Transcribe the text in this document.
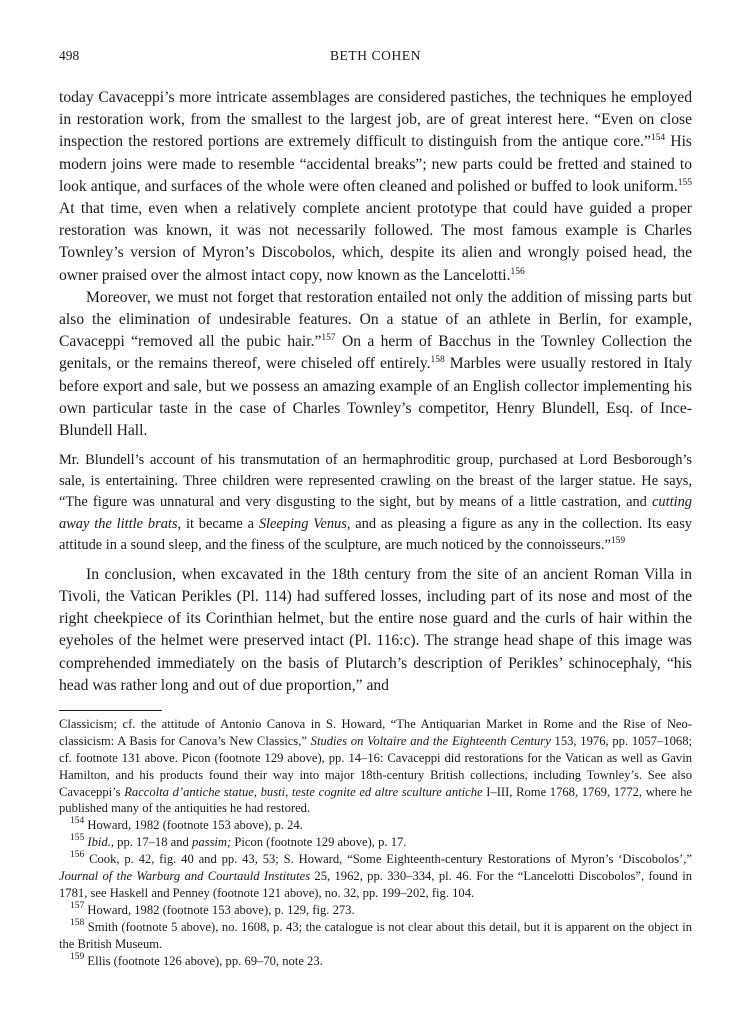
498	BETH COHEN

today Cavaceppi’s more intricate assemblages are considered pastiches, the techniques he employed in restoration work, from the smallest to the largest job, are of great interest here. “Even on close inspection the restored portions are extremely difficult to distinguish from the antique core.”$^{154}$ His modern joins were made to resemble “accidental breaks”; new parts could be fretted and stained to look antique, and surfaces of the whole were often cleaned and polished or buffed to look uniform.$^{155}$ At that time, even when a relatively complete ancient prototype that could have guided a proper restoration was known, it was not necessarily followed. The most famous example is Charles Townley’s version of Myron’s Discobolos, which, despite its alien and wrongly poised head, the owner praised over the almost intact copy, now known as the Lancelotti.$^{156}$

Moreover, we must not forget that restoration entailed not only the addition of missing parts but also the elimination of undesirable features. On a statue of an athlete in Berlin, for example, Cavaceppi “removed all the pubic hair.”$^{157}$ On a herm of Bacchus in the Townley Collection the genitals, or the remains thereof, were chiseled off entirely.$^{158}$ Marbles were usually restored in Italy before export and sale, but we possess an amazing example of an English collector implementing his own particular taste in the case of Charles Townley’s competitor, Henry Blundell, Esq. of Ince-Blundell Hall.

Mr. Blundell’s account of his transmutation of an hermaphroditic group, purchased at Lord Besborough’s sale, is entertaining. Three children were represented crawling on the breast of the larger statue. He says, “The figure was unnatural and very disgusting to the sight, but by means of a little castration, and cutting away the little brats, it became a Sleeping Venus, and as pleasing a figure as any in the collection. Its easy attitude in a sound sleep, and the finess of the sculpture, are much noticed by the connoisseurs.”$^{159}$

In conclusion, when excavated in the 18th century from the site of an ancient Roman Villa in Tivoli, the Vatican Perikles (Pl. 114) had suffered losses, including part of its nose and most of the right cheekpiece of its Corinthian helmet, but the entire nose guard and the curls of hair within the eyeholes of the helmet were preserved intact (Pl. 116:c). The strange head shape of this image was comprehended immediately on the basis of Plutarch’s description of Perikles’ schinocephaly, “his head was rather long and out of due proportion,” and

Classicism; cf. the attitude of Antonio Canova in S. Howard, “The Antiquarian Market in Rome and the Rise of Neo-classicism: A Basis for Canova’s New Classics,” Studies on Voltaire and the Eighteenth Century 153, 1976, pp. 1057–1068; cf. footnote 131 above. Picon (footnote 129 above), pp. 14–16: Cavaceppi did restorations for the Vatican as well as Gavin Hamilton, and his products found their way into major 18th-century British collections, including Townley’s. See also Cavaceppi’s Raccolta d’antiche statue, busti, teste cognite ed altre sculture antiche I–III, Rome 1768, 1769, 1772, where he published many of the antiquities he had restored.

$^{154}$ Howard, 1982 (footnote 153 above), p. 24.

$^{155}$ Ibid., pp. 17–18 and passim; Picon (footnote 129 above), p. 17.

$^{156}$ Cook, p. 42, fig. 40 and pp. 43, 53; S. Howard, “Some Eighteenth-century Restorations of Myron’s ‘Discobolos’,” Journal of the Warburg and Courtauld Institutes 25, 1962, pp. 330–334, pl. 46. For the “Lancelotti Discobolos”, found in 1781, see Haskell and Penney (footnote 121 above), no. 32, pp. 199–202, fig. 104.

$^{157}$ Howard, 1982 (footnote 153 above), p. 129, fig. 273.

$^{158}$ Smith (footnote 5 above), no. 1608, p. 43; the catalogue is not clear about this detail, but it is apparent on the object in the British Museum.

$^{159}$ Ellis (footnote 126 above), pp. 69–70, note 23.
